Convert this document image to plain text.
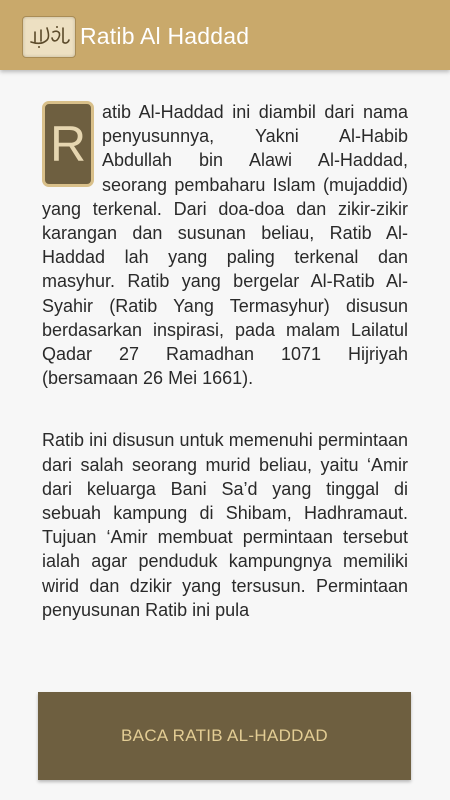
Ratib Al Haddad

R
atib Al-Haddad ini diambil dari nama penyusunnya, Yakni Al-Habib Abdullah bin Alawi Al-Haddad, seorang pembaharu Islam (mujaddid) yang terkenal. Dari doa-doa dan zikir-zikir karangan dan susunan beliau, Ratib Al-Haddad lah yang paling terkenal dan masyhur. Ratib yang bergelar Al-Ratib Al-Syahir (Ratib Yang Termasyhur) disusun berdasarkan inspirasi, pada malam Lailatul Qadar 27 Ramadhan 1071 Hijriyah (bersamaan 26 Mei 1661).

Ratib ini disusun untuk memenuhi permintaan dari salah seorang murid beliau, yaitu ‘Amir dari keluarga Bani Sa’d yang tinggal di sebuah kampung di Shibam, Hadhramaut. Tujuan ‘Amir membuat permintaan tersebut ialah agar penduduk kampungnya memiliki wirid dan dzikir yang tersusun. Permintaan penyusunan Ratib ini pula

BACA RATIB AL-HADDAD
